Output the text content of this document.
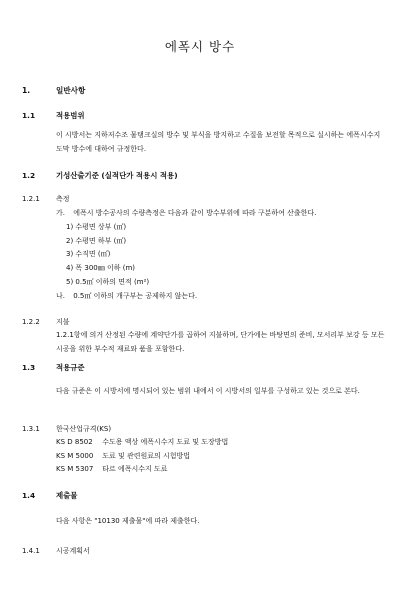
에폭시 방수
1.	일반사항
1.1	적용범위
이 시방서는 지하저수조 물탱크실의 방수 및 부식을 방지하고 수질을 보전할 목적으로 실시하는 에폭시수지 도막 방수에 대하여 규정한다.
1.2	기성산출기준 (실적단가 적용시 적용)
1.2.1 측정
가. 에폭시 방수공사의 수량측정은 다음과 같이 방수부위에 따라 구분하여 산출한다.
1) 수평면 상부 (㎡)
2) 수평면 하부 (㎡)
3) 수직면 (㎡)
4) 폭 300㎜ 이하 (m)
5) 0.5㎡ 이하의 면적 (m²)
나. 0.5㎡ 이하의 개구부는 공제하지 않는다.
1.2.2 지불
1.2.1항에 의거 산정된 수량에 계약단가를 곱하여 지불하며, 단가에는 바탕면의 준비, 모서리부 보강 등 모든 시공을 위한 부수적 재료와 품을 포함한다.
1.3	적용규준
다음 규준은 이 시방서에 명시되어 있는 범위 내에서 이 시방서의 일부를 구성하고 있는 것으로 본다.
1.3.1 한국산업규격(KS)
KS D 8502 수도용 액상 에폭시수지 도료 및 도장방법
KS M 5000 도료 및 관련원료의 시험방법
KS M 5307 타르 에폭시수지 도료
1.4	제출물
다음 사항은 "10130 제출물"에 따라 제출한다.
1.4.1 시공계획서
